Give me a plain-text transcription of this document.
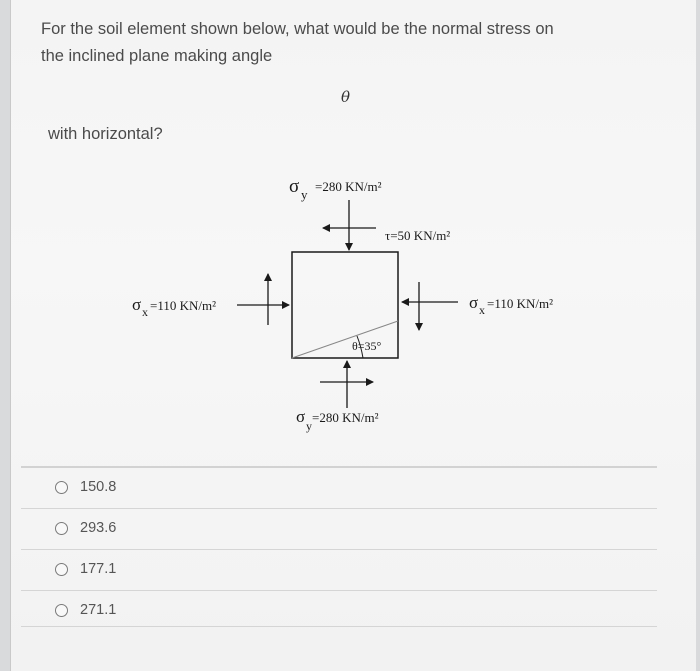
For the soil element shown below, what would be the normal stress on
the inclined plane making angle
θ
with horizontal?
σ y
=280 KN/m²
τ=50 KN/m²
σ x =110 KN/m²	σ x =110 KN/m²
θ=35°
σ y
=280 KN/m²
150.8
293.6
177.1
271.1
